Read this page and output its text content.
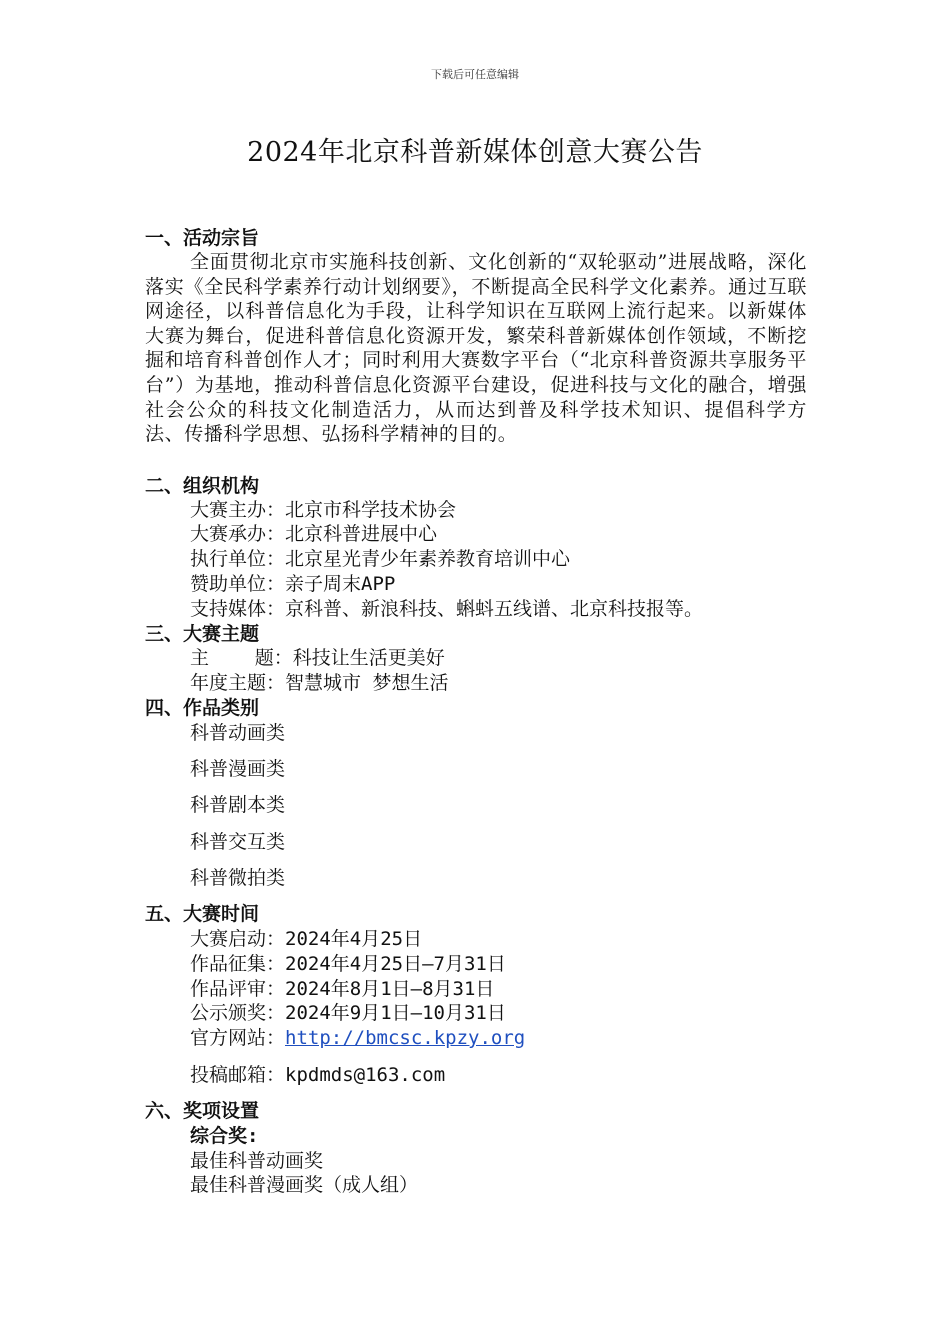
下载后可任意编辑
2024年北京科普新媒体创意大赛公告
一、活动宗旨
全面贯彻北京市实施科技创新、文化创新的“双轮驱动”进展战略，深化落实《全民科学素养行动计划纲要》，不断提高全民科学文化素养。通过互联网途径，以科普信息化为手段，让科学知识在互联网上流行起来。以新媒体大赛为舞台，促进科普信息化资源开发，繁荣科普新媒体创作领域，不断挖掘和培育科普创作人才；同时利用大赛数字平台（“北京科普资源共享服务平台”）为基地，推动科普信息化资源平台建设，促进科技与文化的融合，增强社会公众的科技文化制造活力，从而达到普及科学技术知识、提倡科学方法、传播科学思想、弘扬科学精神的目的。
二、组织机构
大赛主办：北京市科学技术协会
大赛承办：北京科普进展中心
执行单位：北京星光青少年素养教育培训中心
赞助单位：亲子周末APP
支持媒体：京科普、新浪科技、蝌蚪五线谱、北京科技报等。
三、大赛主题
主    题：科技让生活更美好
年度主题：智慧城市 梦想生活
四、作品类别
科普动画类
科普漫画类
科普剧本类
科普交互类
科普微拍类
五、大赛时间
大赛启动：2024年4月25日
作品征集：2024年4月25日—7月31日
作品评审：2024年8月1日—8月31日
公示颁奖：2024年9月1日—10月31日
官方网站：http://bmcsc.kpzy.org
投稿邮箱：kpdmds@163.com
六、奖项设置
综合奖:
最佳科普动画奖
最佳科普漫画奖（成人组）
